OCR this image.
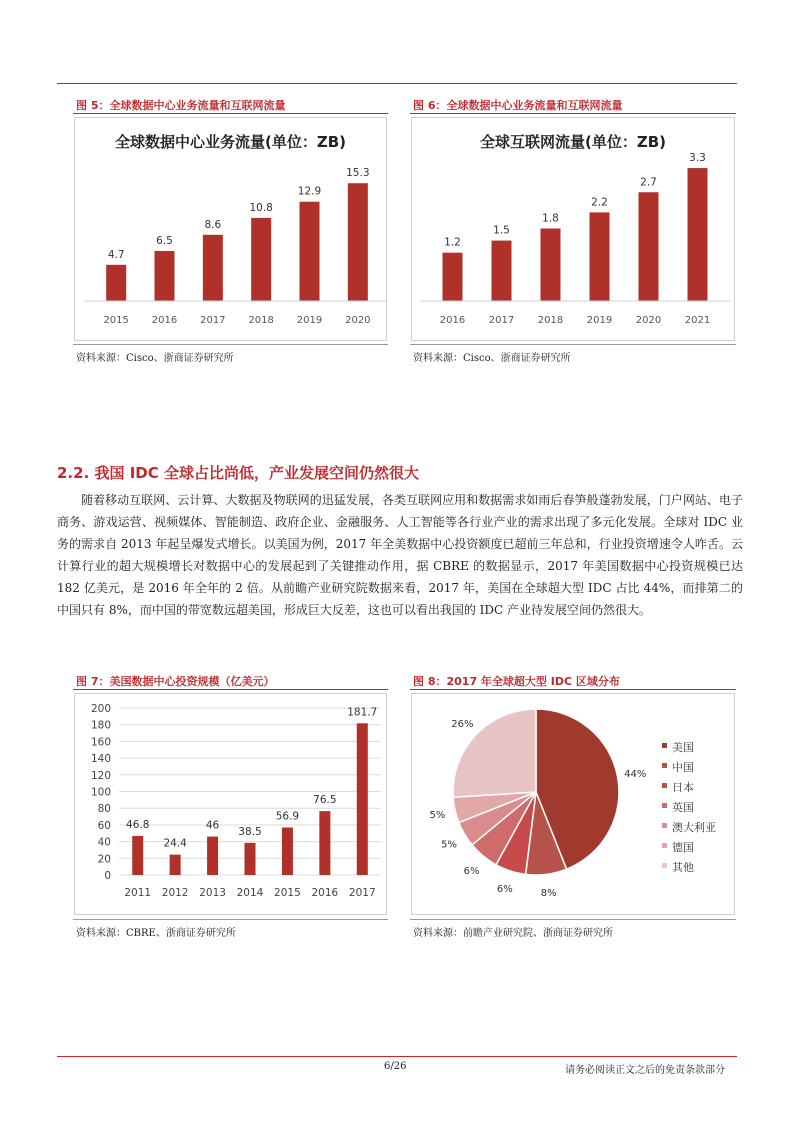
图 5：全球数据中心业务流量和互联网流量
全球数据中心业务流量(单位：ZB)
4.7
2015
6.5
2016
8.6
2017
10.8
2018
12.9
2019
15.3
2020
资料来源：Cisco、浙商证券研究所
图 6：全球数据中心业务流量和互联网流量
全球互联网流量(单位：ZB)
1.2
2016
1.5
2017
1.8
2018
2.2
2019
2.7
2020
3.3
2021
资料来源：Cisco、浙商证券研究所
2.2. 我国 IDC 全球占比尚低，产业发展空间仍然很大

随着移动互联网、云计算、大数据及物联网的迅猛发展，各类互联网应用和数据需求如雨后春笋般蓬勃发展，门户网站、电子商务、游戏运营、视频媒体、智能制造、政府企业、金融服务、人工智能等各行业产业的需求出现了多元化发展。全球对 IDC 业务的需求自 2013 年起呈爆发式增长。以美国为例，2017 年全美数据中心投资额度已超前三年总和，行业投资增速令人咋舌。云计算行业的超大规模增长对数据中心的发展起到了关键推动作用，据 CBRE 的数据显示，2017 年美国数据中心投资规模已达 182 亿美元，是 2016 年全年的 2 倍。从前瞻产业研究院数据来看，2017 年，美国在全球超大型 IDC 占比 44%，而排第二的中国只有 8%，而中国的带宽数远超美国，形成巨大反差，这也可以看出我国的 IDC 产业待发展空间仍然很大。

图 7：美国数据中心投资规模（亿美元）
0
20
40
60
80
100
120
140
160
180
200
46.8
2011
24.4
2012
46
2013
38.5
2014
56.9
2015
76.5
2016
181.7
2017
资料来源：CBRE、浙商证券研究所
图 8：2017 年全球超大型 IDC 区域分布
44%
8%
6%
6%
5%
5%
26%
美国
中国
日本
英国
澳大利亚
德国
其他
资料来源：前瞻产业研究院、浙商证券研究所
6/26	请务必阅读正文之后的免责条款部分
